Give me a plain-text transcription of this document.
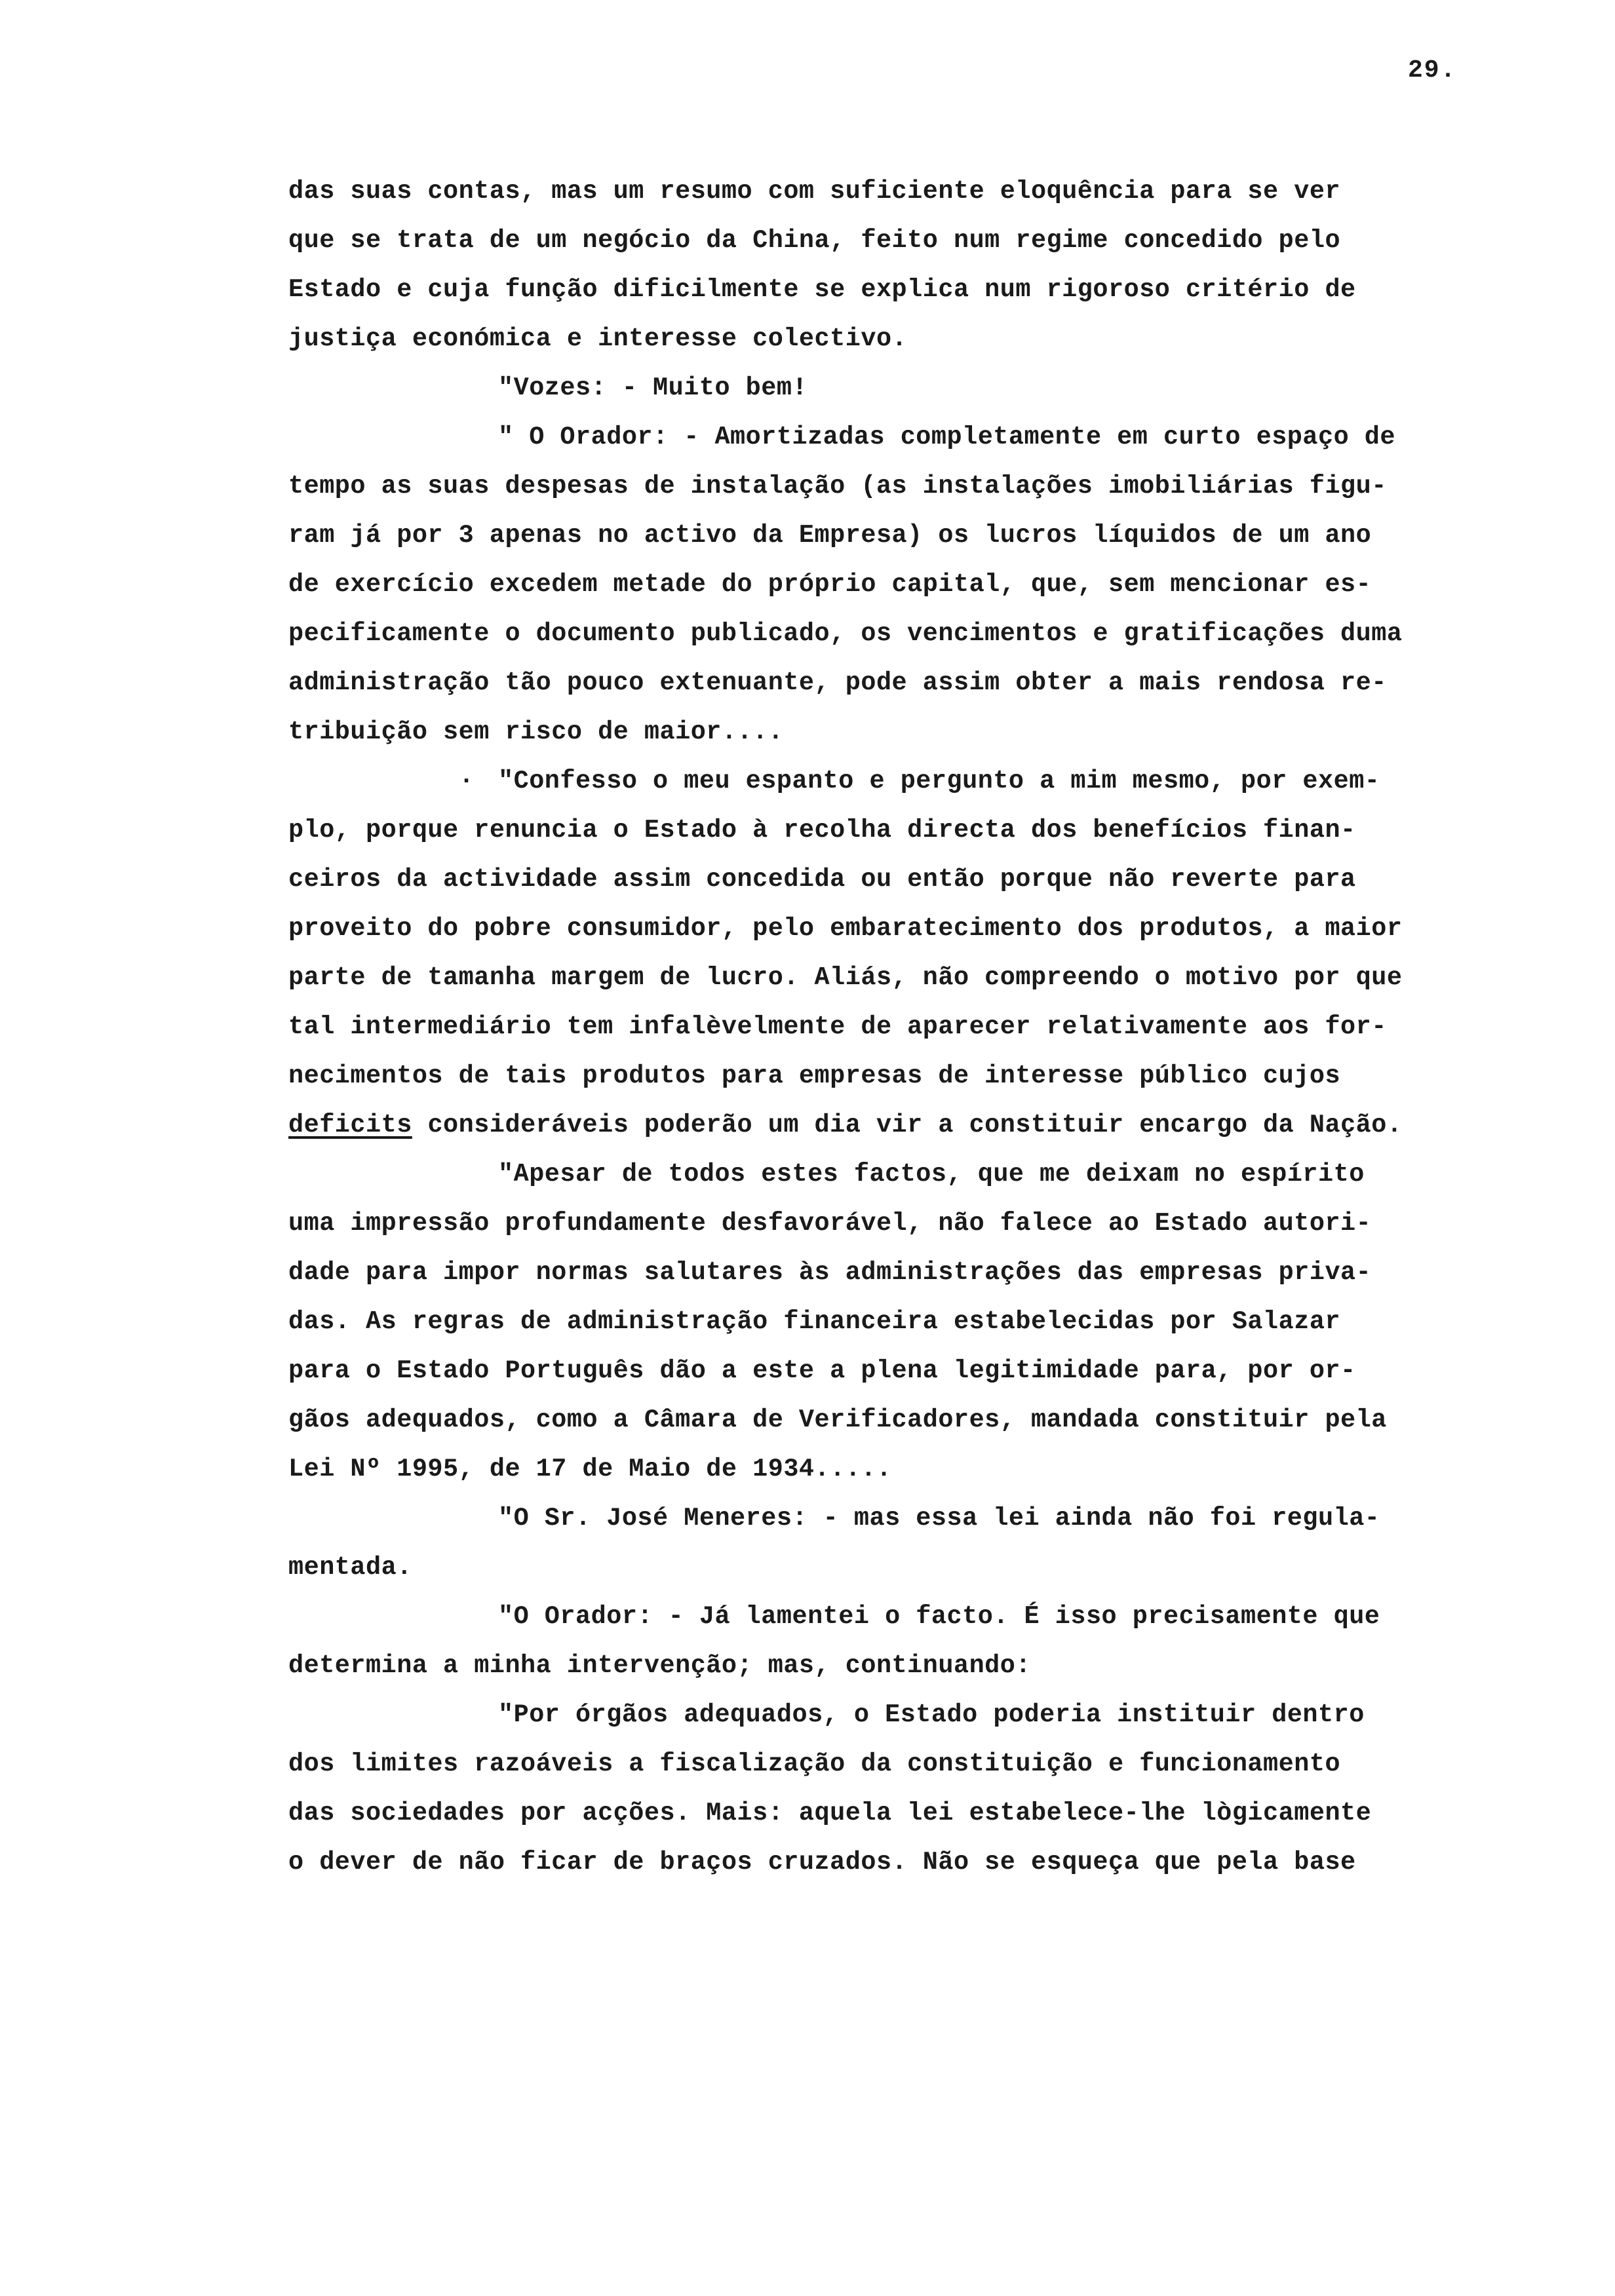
29.
das suas contas, mas um resumo com suficiente eloquência para se ver
que se trata de um negócio da China, feito num regime concedido pelo
Estado e cuja função dificilmente se explica num rigoroso critério de
justiça económica e interesse colectivo.
"Vozes: - Muito bem!
" O Orador: - Amortizadas completamente em curto espaço de
tempo as suas despesas de instalação (as instalações imobiliárias figu-
ram já por 3 apenas no activo da Empresa) os lucros líquidos de um ano
de exercício excedem metade do próprio capital, que, sem mencionar es-
pecificamente o documento publicado, os vencimentos e gratificações duma
administração tão pouco extenuante, pode assim obter a mais rendosa re-
tribuição sem risco de maior....
· "Confesso o meu espanto e pergunto a mim mesmo, por exem-
plo, porque renuncia o Estado à recolha directa dos benefícios finan-
ceiros da actividade assim concedida ou então porque não reverte para
proveito do pobre consumidor, pelo embaratecimento dos produtos, a maior
parte de tamanha margem de lucro. Aliás, não compreendo o motivo por que
tal intermediário tem infalèvelmente de aparecer relativamente aos for-
necimentos de tais produtos para empresas de interesse público cujos
deficits consideráveis poderão um dia vir a constituir encargo da Nação.
"Apesar de todos estes factos, que me deixam no espírito
uma impressão profundamente desfavorável, não falece ao Estado autori-
dade para impor normas salutares às administrações das empresas priva-
das. As regras de administração financeira estabelecidas por Salazar
para o Estado Português dão a este a plena legitimidade para, por or-
gãos adequados, como a Câmara de Verificadores, mandada constituir pela
Lei Nº 1995, de 17 de Maio de 1934.....
"O Sr. José Meneres: - mas essa lei ainda não foi regula-
mentada.
"O Orador: - Já lamentei o facto. É isso precisamente que
determina a minha intervenção; mas, continuando:
"Por órgãos adequados, o Estado poderia instituir dentro
dos limites razoáveis a fiscalização da constituição e funcionamento
das sociedades por acções. Mais: aquela lei estabelece-lhe lògicamente
o dever de não ficar de braços cruzados. Não se esqueça que pela base
